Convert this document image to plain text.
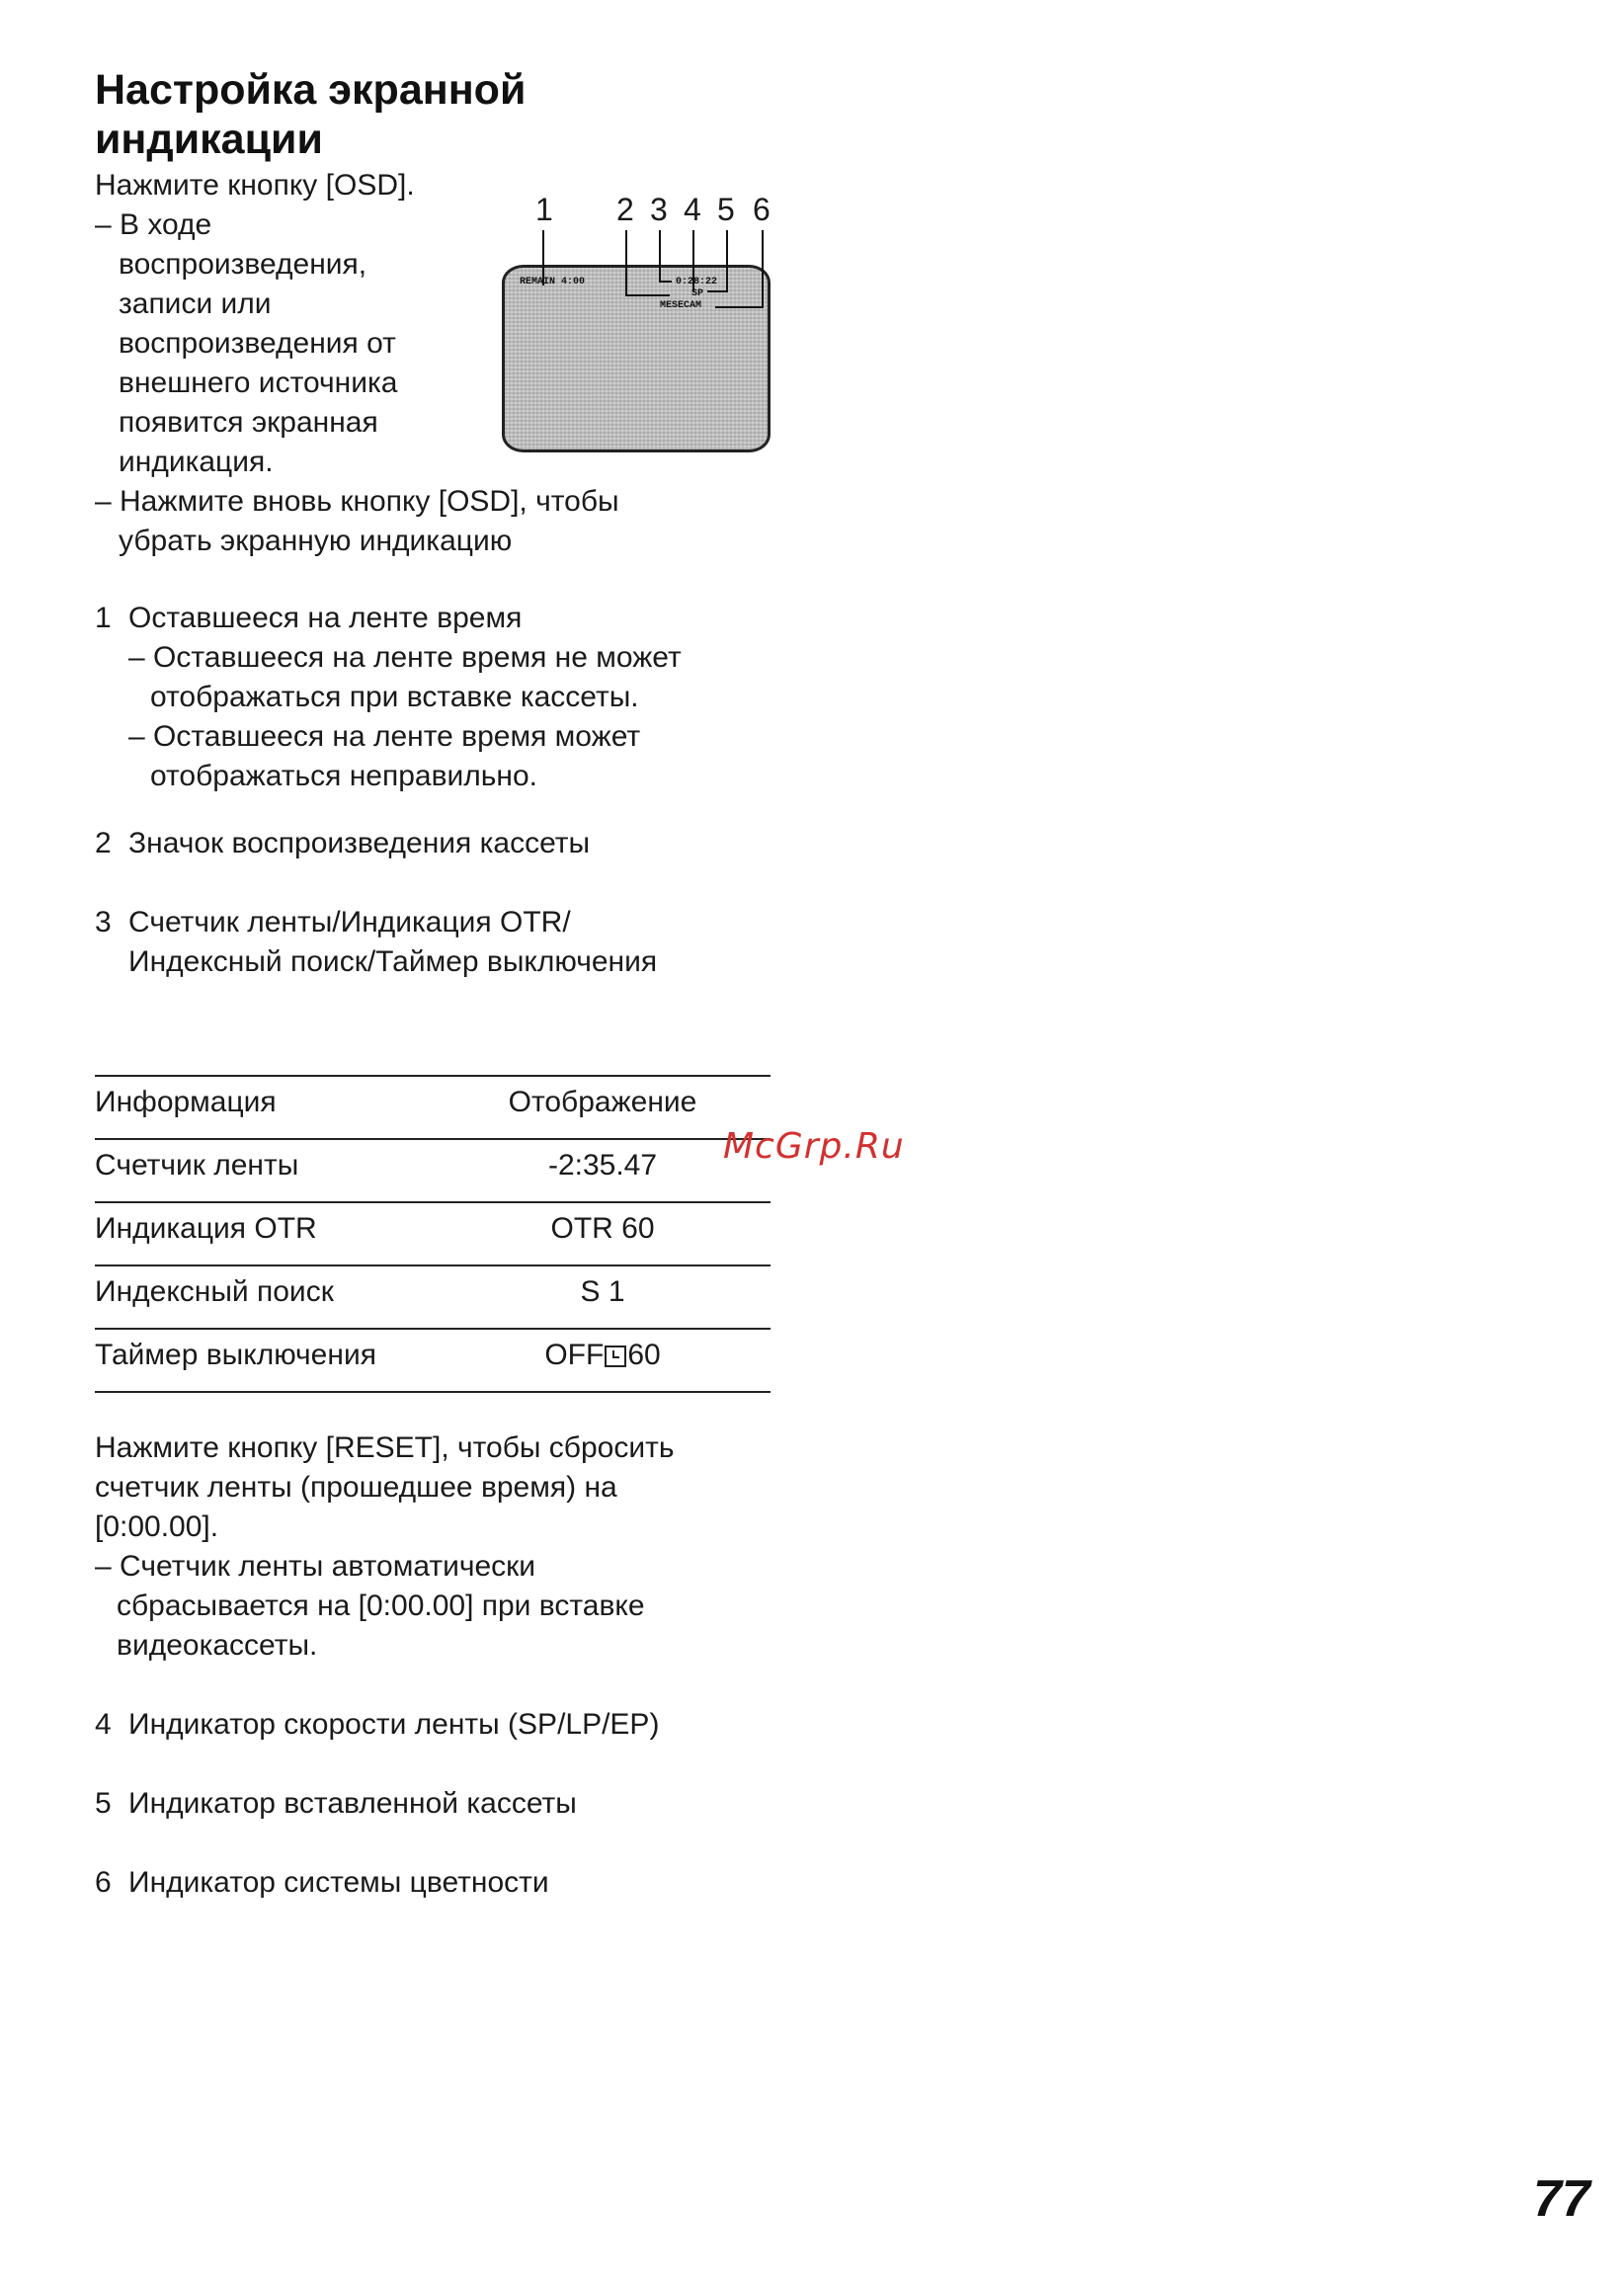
Настройка экранной
индикации
Нажмите кнопку [OSD].
– В ходе
воспроизведения,
записи или
воспроизведения от
внешнего источника
появится экранная
индикация.
– Нажмите вновь кнопку [OSD], чтобы
убрать экранную индикацию
1 2 3 4 5 6
REMAIN 4:00	0:28:22
SP
MESECAM
1 Оставшееся на ленте время
– Оставшееся на ленте время не может
отображаться при вставке кассеты.
– Оставшееся на ленте время может
отображаться неправильно.
2 Значок воспроизведения кассеты
3 Счетчик ленты/Индикация OTR/
Индексный поиск/Таймер выключения
Информация	Отображение
Счетчик ленты	-2:35.47
Индикация OTR	OTR 60
Индексный поиск	S 1
Таймер выключения	OFF 60
McGrp.Ru
Нажмите кнопку [RESET], чтобы сбросить
счетчик ленты (прошедшее время) на
[0:00.00].
– Счетчик ленты автоматически
сбрасывается на [0:00.00] при вставке
видеокассеты.
4 Индикатор скорости ленты (SP/LP/EP)
5 Индикатор вставленной кассеты
6 Индикатор системы цветности
77
